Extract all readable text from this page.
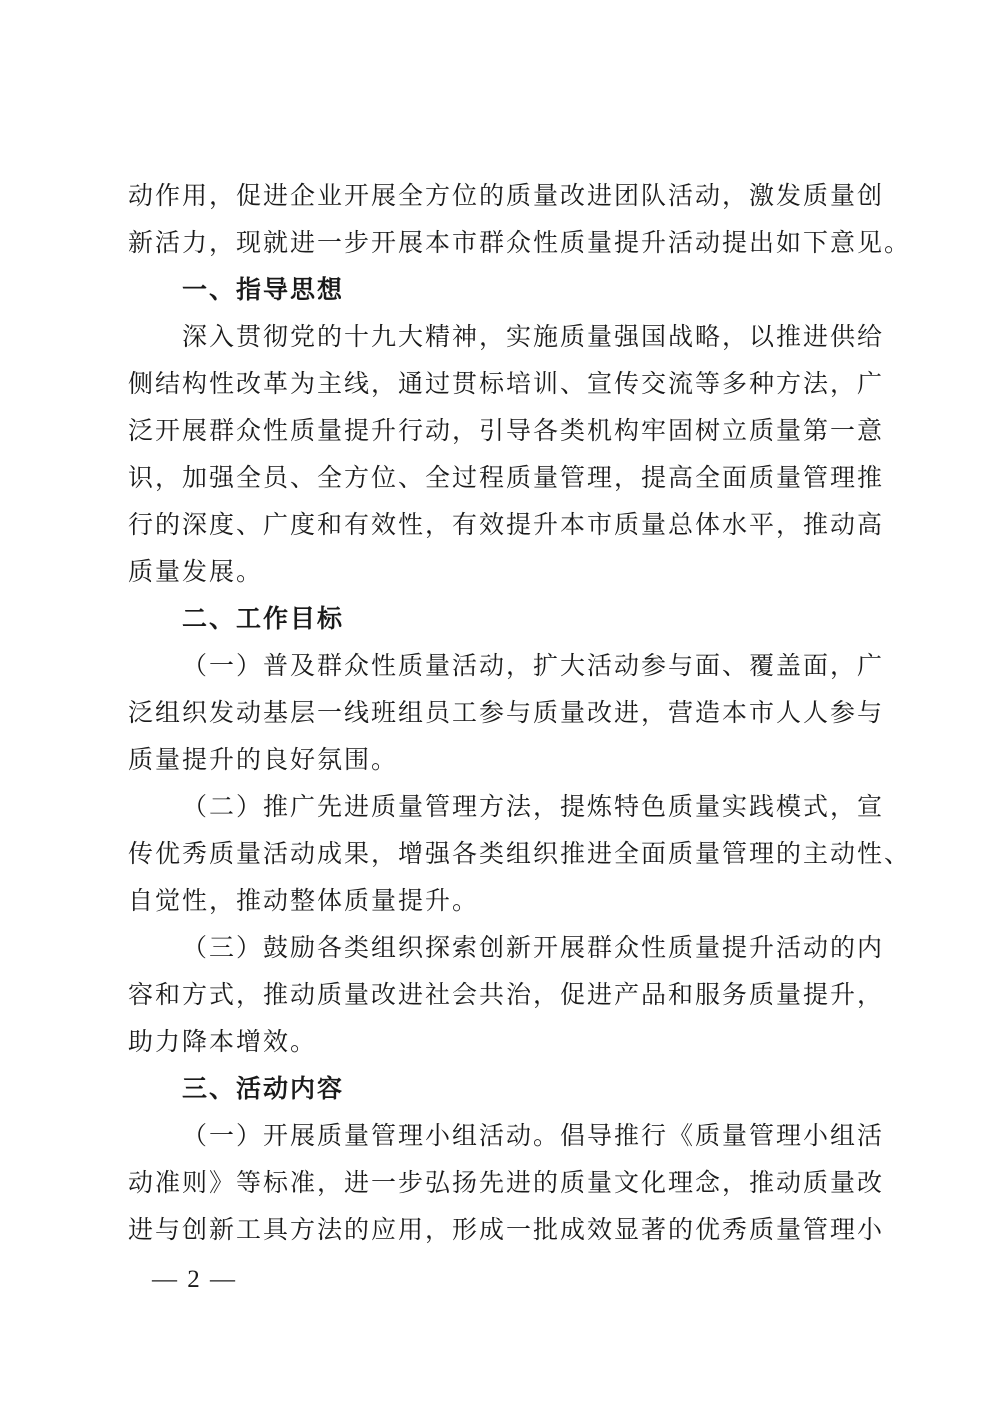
动作用，促进企业开展全方位的质量改进团队活动，激发质量创
新活力，现就进一步开展本市群众性质量提升活动提出如下意见。
一、指导思想
深入贯彻党的十九大精神，实施质量强国战略，以推进供给
侧结构性改革为主线，通过贯标培训、宣传交流等多种方法，广
泛开展群众性质量提升行动，引导各类机构牢固树立质量第一意
识，加强全员、全方位、全过程质量管理，提高全面质量管理推
行的深度、广度和有效性，有效提升本市质量总体水平，推动高
质量发展。
二、工作目标
（一）普及群众性质量活动，扩大活动参与面、覆盖面，广
泛组织发动基层一线班组员工参与质量改进，营造本市人人参与
质量提升的良好氛围。
（二）推广先进质量管理方法，提炼特色质量实践模式，宣
传优秀质量活动成果，增强各类组织推进全面质量管理的主动性、
自觉性，推动整体质量提升。
（三）鼓励各类组织探索创新开展群众性质量提升活动的内
容和方式，推动质量改进社会共治，促进产品和服务质量提升，
助力降本增效。
三、活动内容
（一）开展质量管理小组活动。倡导推行《质量管理小组活
动准则》等标准，进一步弘扬先进的质量文化理念，推动质量改
进与创新工具方法的应用，形成一批成效显著的优秀质量管理小
— 2 —
